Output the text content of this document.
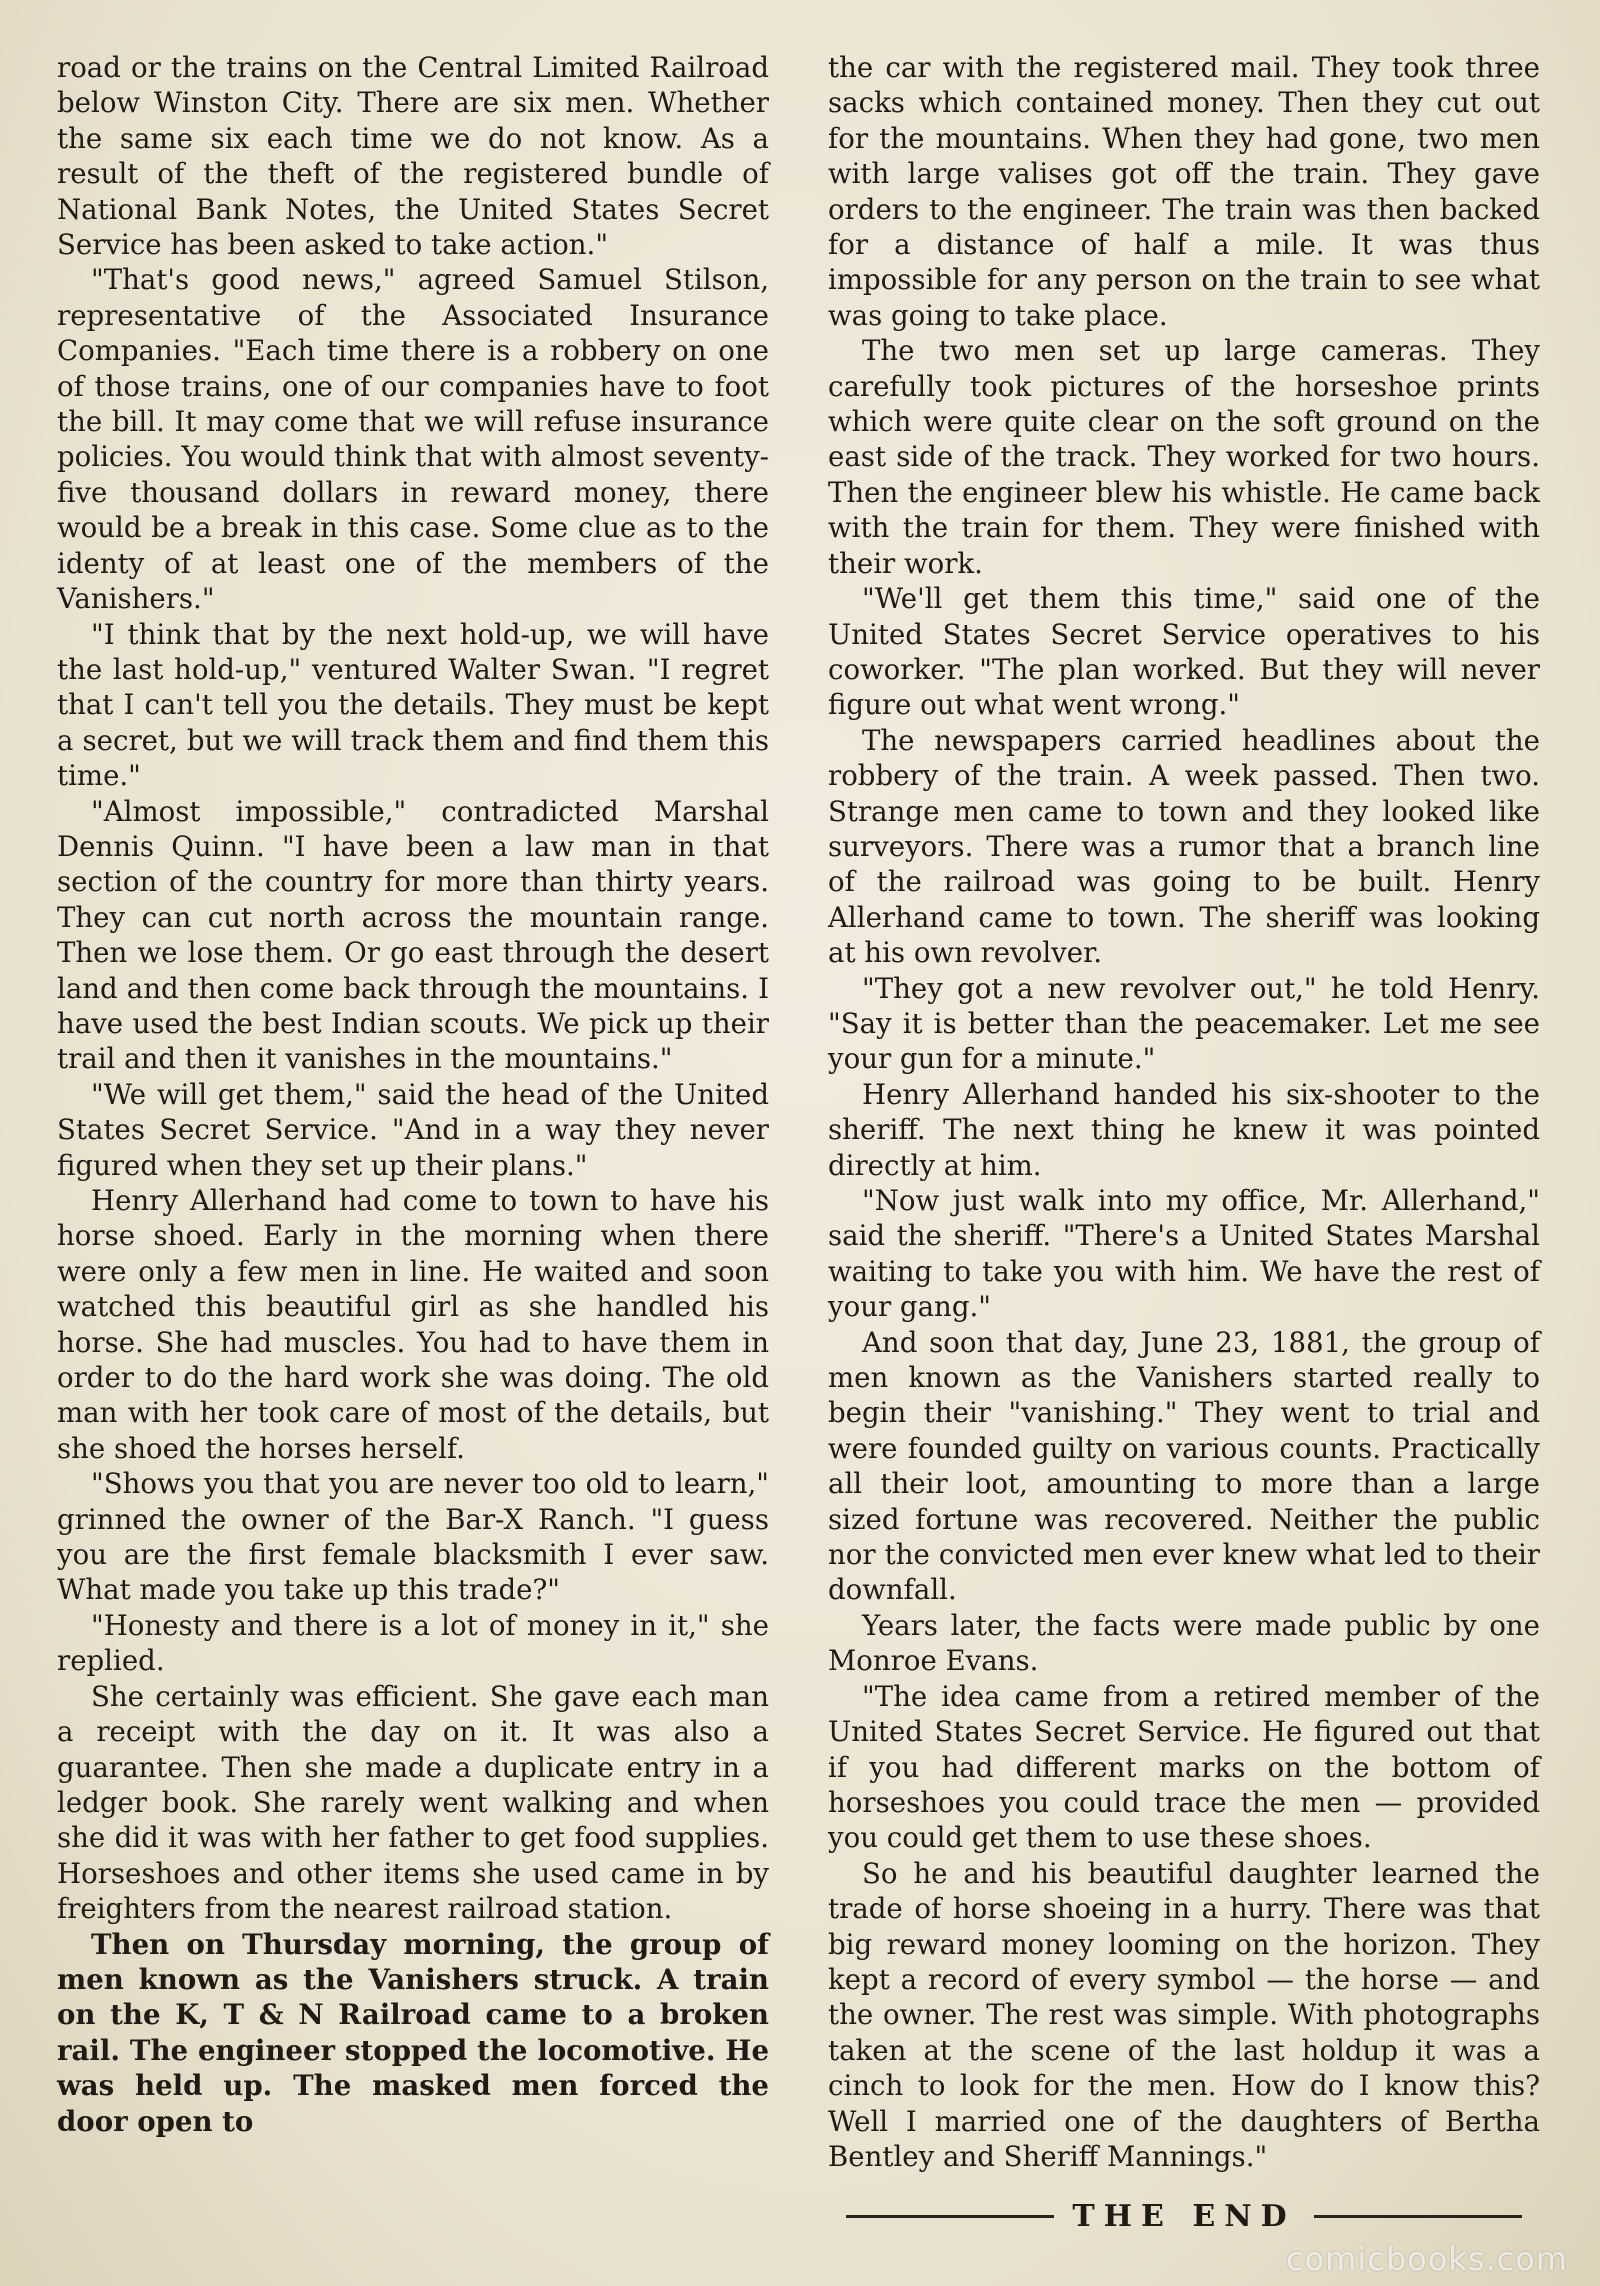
road or the trains on the Central Limited Railroad below Winston City. There are six men. Whether the same six each time we do not know. As a result of the theft of the registered bundle of National Bank Notes, the United States Secret Service has been asked to take action."

"That's good news," agreed Samuel Stilson, representative of the Associated Insurance Companies. "Each time there is a robbery on one of those trains, one of our companies have to foot the bill. It may come that we will refuse insurance policies. You would think that with almost seventy-five thousand dollars in reward money, there would be a break in this case. Some clue as to the identy of at least one of the members of the Vanishers."

"I think that by the next hold-up, we will have the last hold-up," ventured Walter Swan. "I regret that I can't tell you the details. They must be kept a secret, but we will track them and find them this time."

"Almost impossible," contradicted Marshal Dennis Quinn. "I have been a law man in that section of the country for more than thirty years. They can cut north across the mountain range. Then we lose them. Or go east through the desert land and then come back through the mountains. I have used the best Indian scouts. We pick up their trail and then it vanishes in the mountains."

"We will get them," said the head of the United States Secret Service. "And in a way they never figured when they set up their plans."

Henry Allerhand had come to town to have his horse shoed. Early in the morning when there were only a few men in line. He waited and soon watched this beautiful girl as she handled his horse. She had muscles. You had to have them in order to do the hard work she was doing. The old man with her took care of most of the details, but she shoed the horses herself.

"Shows you that you are never too old to learn," grinned the owner of the Bar-X Ranch. "I guess you are the first female blacksmith I ever saw. What made you take up this trade?"

"Honesty and there is a lot of money in it," she replied.

She certainly was efficient. She gave each man a receipt with the day on it. It was also a guarantee. Then she made a duplicate entry in a ledger book. She rarely went walking and when she did it was with her father to get food supplies. Horseshoes and other items she used came in by freighters from the nearest railroad station.

Then on Thursday morning, the group of men known as the Vanishers struck. A train on the K, T & N Railroad came to a broken rail. The engineer stopped the locomotive. He was held up. The masked men forced the door open to

the car with the registered mail. They took three sacks which contained money. Then they cut out for the mountains. When they had gone, two men with large valises got off the train. They gave orders to the engineer. The train was then backed for a distance of half a mile. It was thus impossible for any person on the train to see what was going to take place.

The two men set up large cameras. They carefully took pictures of the horseshoe prints which were quite clear on the soft ground on the east side of the track. They worked for two hours. Then the engineer blew his whistle. He came back with the train for them. They were finished with their work.

"We'll get them this time," said one of the United States Secret Service operatives to his coworker. "The plan worked. But they will never figure out what went wrong."

The newspapers carried headlines about the robbery of the train. A week passed. Then two. Strange men came to town and they looked like surveyors. There was a rumor that a branch line of the railroad was going to be built. Henry Allerhand came to town. The sheriff was looking at his own revolver.

"They got a new revolver out," he told Henry. "Say it is better than the peacemaker. Let me see your gun for a minute."

Henry Allerhand handed his six-shooter to the sheriff. The next thing he knew it was pointed directly at him.

"Now just walk into my office, Mr. Allerhand," said the sheriff. "There's a United States Marshal waiting to take you with him. We have the rest of your gang."

And soon that day, June 23, 1881, the group of men known as the Vanishers started really to begin their "vanishing." They went to trial and were founded guilty on various counts. Practically all their loot, amounting to more than a large sized fortune was recovered. Neither the public nor the convicted men ever knew what led to their downfall.

Years later, the facts were made public by one Monroe Evans.

"The idea came from a retired member of the United States Secret Service. He figured out that if you had different marks on the bottom of horseshoes you could trace the men — provided you could get them to use these shoes.

So he and his beautiful daughter learned the trade of horse shoeing in a hurry. There was that big reward money looming on the horizon. They kept a record of every symbol — the horse — and the owner. The rest was simple. With photographs taken at the scene of the last holdup it was a cinch to look for the men. How do I know this? Well I married one of the daughters of Bertha Bentley and Sheriff Mannings."

THE END
comicbooks.com
